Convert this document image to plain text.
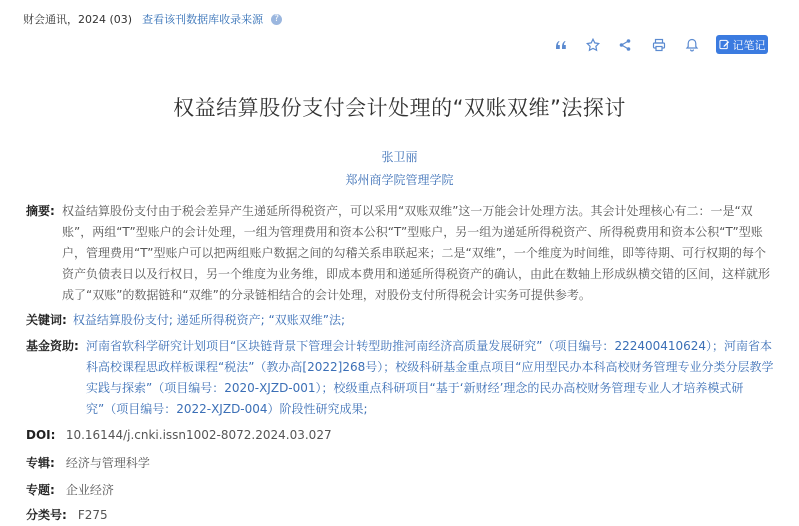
财会通讯，2024 (03) 查看该刊数据库收录来源	?
记笔记
权益结算股份支付会计处理的“双账双维”法探讨
张卫丽
郑州商学院管理学院
摘要: 权益结算股份支付由于税会差异产生递延所得税资产，可以采用“双账双维”这一万能会计处理方法。其会计处理核心有二：一是“双账”，两组“T”型账户的会计处理，一组为管理费用和资本公积“T”型账户，另一组为递延所得税资产、所得税费用和资本公积“T”型账户，管理费用“T”型账户可以把两组账户数据之间的勾稽关系串联起来；二是“双维”，一个维度为时间维，即等待期、可行权期的每个资产负债表日以及行权日，另一个维度为业务维，即成本费用和递延所得税资产的确认，由此在数轴上形成纵横交错的区间，这样就形成了“双账”的数据链和“双维”的分录链相结合的会计处理，对股份支付所得税会计实务可提供参考。
关键词: 权益结算股份支付; 递延所得税资产; “双账双维”法;
基金资助: 河南省软科学研究计划项目“区块链背景下管理会计转型助推河南经济高质量发展研究”（项目编号：222400410624）；河南省本科高校课程思政样板课程“税法”（教办高[2022]268号）；校级科研基金重点项目“应用型民办本科高校财务管理专业分类分层教学实践与探索”（项目编号：2020-XJZD-001）；校级重点科研项目“基于‘新财经’理念的民办高校财务管理专业人才培养模式研究”（项目编号：2022-XJZD-004）阶段性研究成果;
DOI: 10.16144/j.cnki.issn1002-8072.2024.03.027
专辑: 经济与管理科学
专题: 企业经济
分类号: F275
